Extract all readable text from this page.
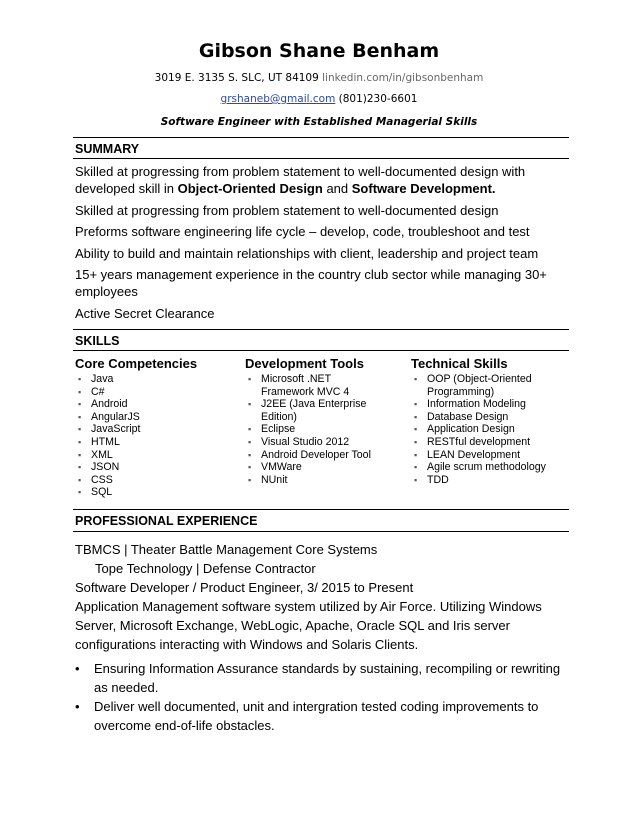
Gibson Shane Benham
3019 E. 3135 S. SLC, UT 84109 linkedin.com/in/gibsonbenham
grshaneb@gmail.com (801)230-6601
Software Engineer with Established Managerial Skills
SUMMARY
Skilled at progressing from problem statement to well-documented design with developed skill in Object-Oriented Design and Software Development.
Skilled at progressing from problem statement to well-documented design
Preforms software engineering life cycle – develop, code, troubleshoot and test
Ability to build and maintain relationships with client, leadership and project team
15+ years management experience in the country club sector while managing 30+ employees
Active Secret Clearance
SKILLS
Core Competencies
▪ Java
▪ C#
▪ Android
▪ AngularJS
▪ JavaScript
▪ HTML
▪ XML
▪ JSON
▪ CSS
▪ SQL
Development Tools
▪ Microsoft .NET Framework MVC 4
▪ J2EE (Java Enterprise Edition)
▪ Eclipse
▪ Visual Studio 2012
▪ Android Developer Tool
▪ VMWare
▪ NUnit
Technical Skills
▪ OOP (Object-Oriented Programming)
▪ Information Modeling
▪ Database Design
▪ Application Design
▪ RESTful development
▪ LEAN Development
▪ Agile scrum methodology
▪ TDD
PROFESSIONAL EXPERIENCE
TBMCS | Theater Battle Management Core Systems
Tope Technology | Defense Contractor
Software Developer / Product Engineer, 3/ 2015 to Present
Application Management software system utilized by Air Force. Utilizing Windows Server, Microsoft Exchange, WebLogic, Apache, Oracle SQL and Iris server configurations interacting with Windows and Solaris Clients.
• Ensuring Information Assurance standards by sustaining, recompiling or rewriting as needed.
• Deliver well documented, unit and intergration tested coding improvements to overcome end-of-life obstacles.
